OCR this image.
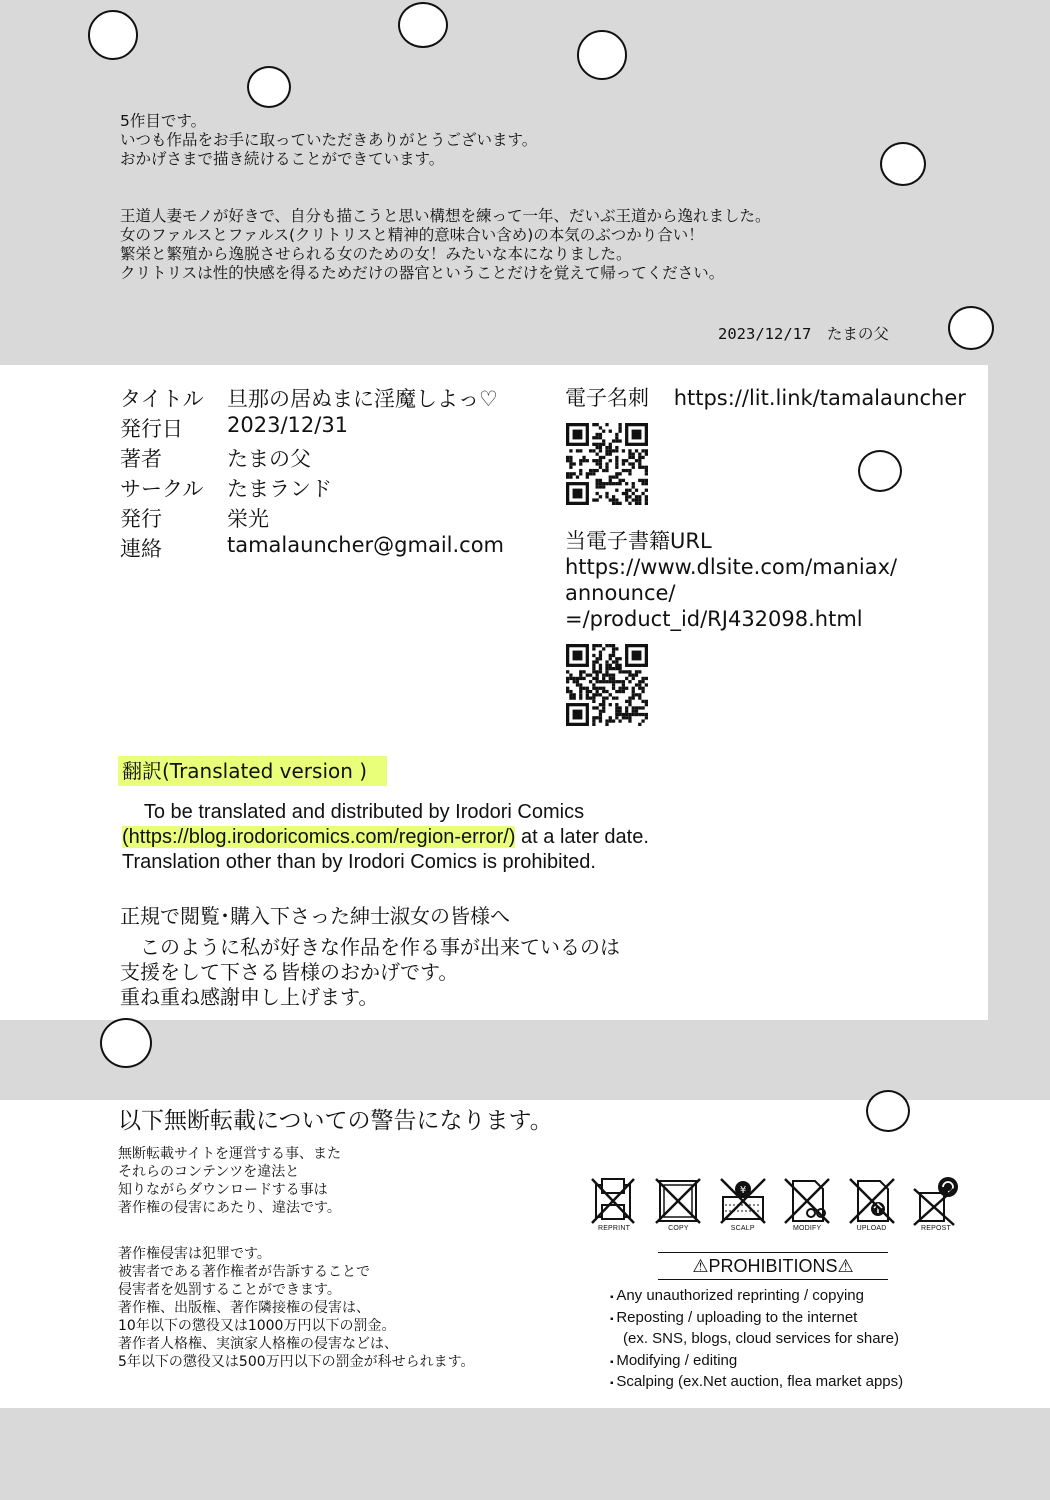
5作目です。
いつも作品をお手に取っていただきありがとうございます。
おかげさまで描き続けることができています。
王道人妻モノが好きで、自分も描こうと思い構想を練って一年、だいぶ王道から逸れました。
女のファルスとファルス(クリトリスと精神的意味合い含め)の本気のぶつかり合い！
繁栄と繁殖から逸脱させられる女のための女！みたいな本になりました。
クリトリスは性的快感を得るためだけの器官ということだけを覚えて帰ってください。
2023/12/17　たまの父
タイトル	旦那の居ぬまに淫魔しよっ♡
発行日	2023/12/31
著者	たまの父
サークル	たまランド
発行	栄光
連絡	tamalauncher@gmail.com
電子名刺 https://lit.link/tamalauncher
当電子書籍URL
https://www.dlsite.com/maniax/
announce/
=/product_id/RJ432098.html
翻訳(Translated version )
To be translated and distributed by Irodori Comics
(https://blog.irodoricomics.com/region-error/) at a later date.
Translation other than by Irodori Comics is prohibited.
正規で閲覧･購入下さった紳士淑女の皆様へ
　このように私が好きな作品を作る事が出来ているのは
支援をして下さる皆様のおかげです。
重ね重ね感謝申し上げます。
以下無断転載についての警告になります。
無断転載サイトを運営する事、また
それらのコンテンツを違法と
知りながらダウンロードする事は
著作権の侵害にあたり、違法です。
著作権侵害は犯罪です。
被害者である著作権者が告訴することで
侵害者を処罰することができます。
著作権、出版権、著作隣接権の侵害は、
10年以下の懲役又は1000万円以下の罰金。
著作者人格権、実演家人格権の侵害などは、
5年以下の懲役又は500万円以下の罰金が科せられます。
REPRINT	COPY
¥
SCALP	MODIFY	UPLOAD	REPOST
⚠PROHIBITIONS⚠
▪ Any unauthorized reprinting / copying
▪ Reposting / uploading to the internet
(ex. SNS, blogs, cloud services for share)
▪ Modifying / editing
▪ Scalping (ex.Net auction, flea market apps)
